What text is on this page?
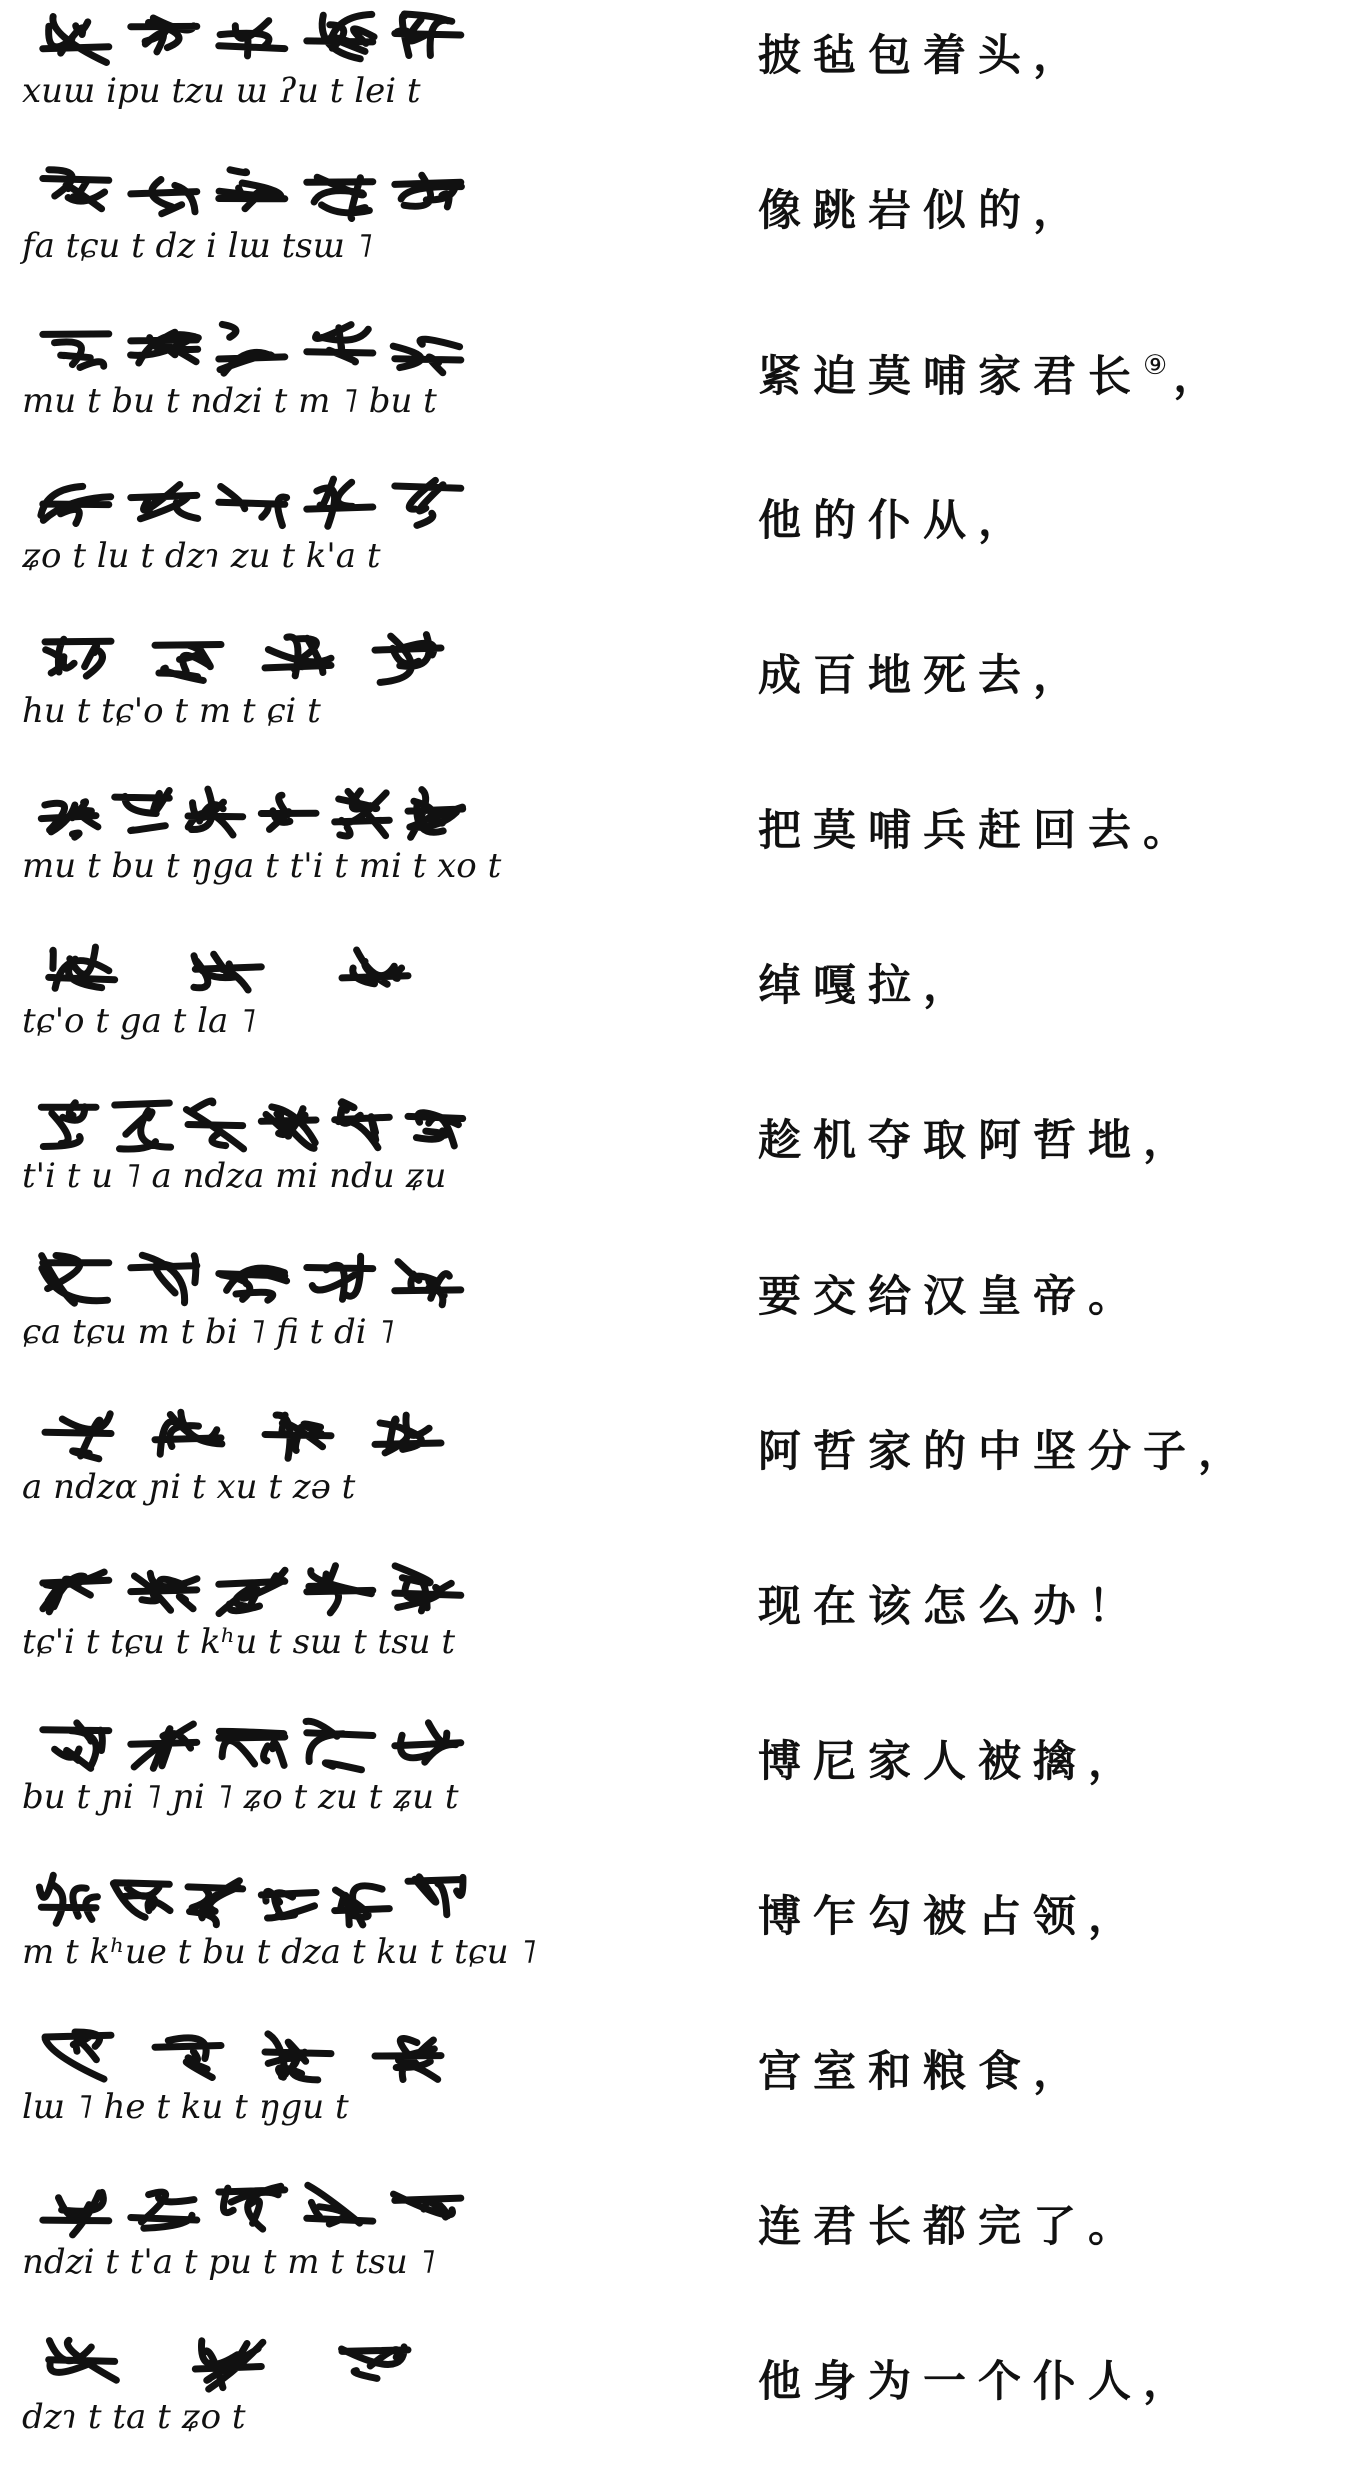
xuɯ ipu tzu ɯ ʔu t lei t
披毡包着头，
fa tɕu t dz i lɯ tsɯ ˥
像跳岩似的，
mu t bu t ndzi t m ˥ bu t	紧迫莫哺家君长⑨ ，
ʑo t lu t dzɿ zu t k'a t
他的仆从，
hu t tɕ'o t m t ɕi t
成百地死去，
mu t bu t ŋga t t'i t mi t xo t
把莫哺兵赶回去。
tɕ'o t ga t la ˥
绰嘎拉，
t'i t u ˥ a ndza mi ndu ʑu
趁机夺取阿哲地，
ɕa tɕu m t bi ˥ fi t di ˥
要交给汉皇帝。
a ndzɑ ɲi t xu t zə t
阿哲家的中坚分子，
tɕ'i t tɕu t kʰu t sɯ t tsu t
现在该怎么办！
bu t ɲi ˥ ɲi ˥ ʑo t zu t ʑu t
博尼家人被擒，
m t kʰue t bu t dza t ku t tɕu ˥
博乍勾被占领，
lɯ ˥ he t ku t ŋgu t
宫室和粮食，
ndzi t t'a t pu t m t tsu ˥
连君长都完了。
dzɿ t ta t ʑo t
他身为一个仆人，
